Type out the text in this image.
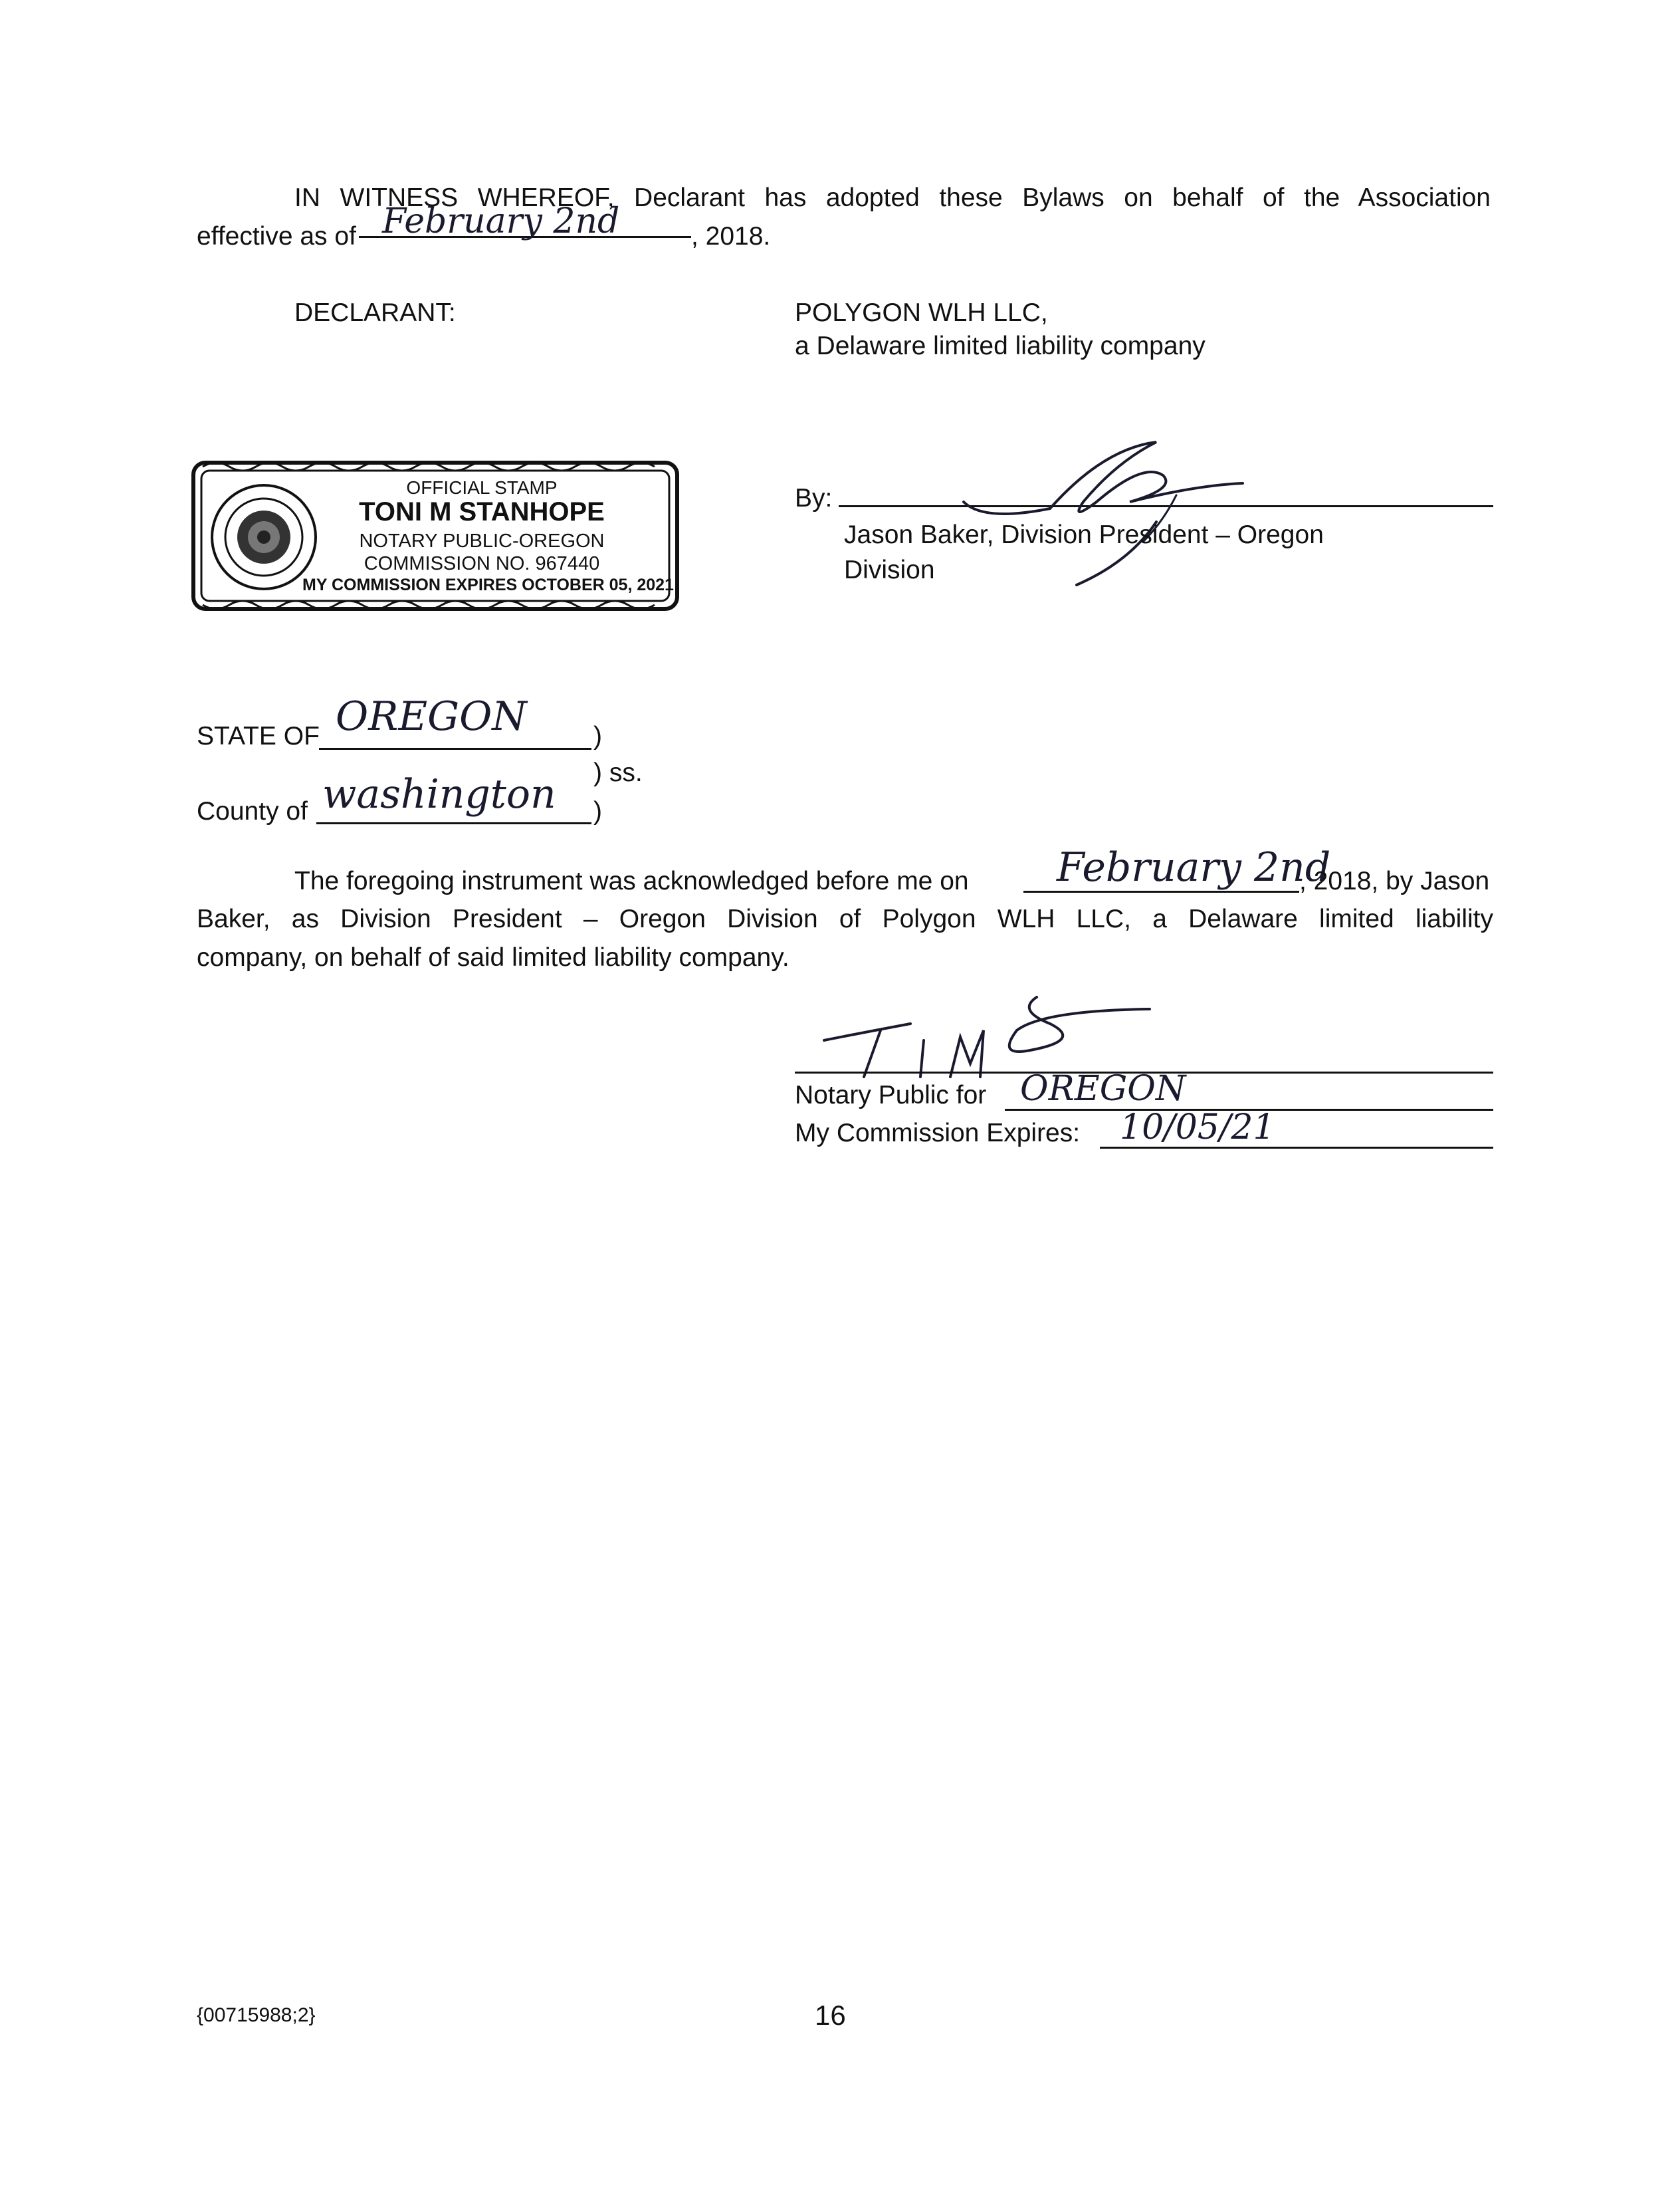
IN WITNESS WHEREOF, Declarant has adopted these Bylaws on behalf of the Association
effective as of February 2nd	, 2018.
DECLARANT:	POLYGON WLH LLC,
a Delaware limited liability company
OFFICIAL STAMP
TONI M STANHOPE
NOTARY PUBLIC-OREGON
COMMISSION NO. 967440
MY COMMISSION EXPIRES OCTOBER 05, 2021
By:
Jason Baker, Division President – Oregon
Division
STATE OF OREGON	)
) ss.
County of washington )
The foregoing instrument was acknowledged before me on February 2nd
, 2018, by Jason
Baker, as Division President – Oregon Division of Polygon WLH LLC, a Delaware limited liability
company, on behalf of said limited liability company.
Notary Public for OREGON
My Commission Expires: 10/05/21
{00715988;2}	16
